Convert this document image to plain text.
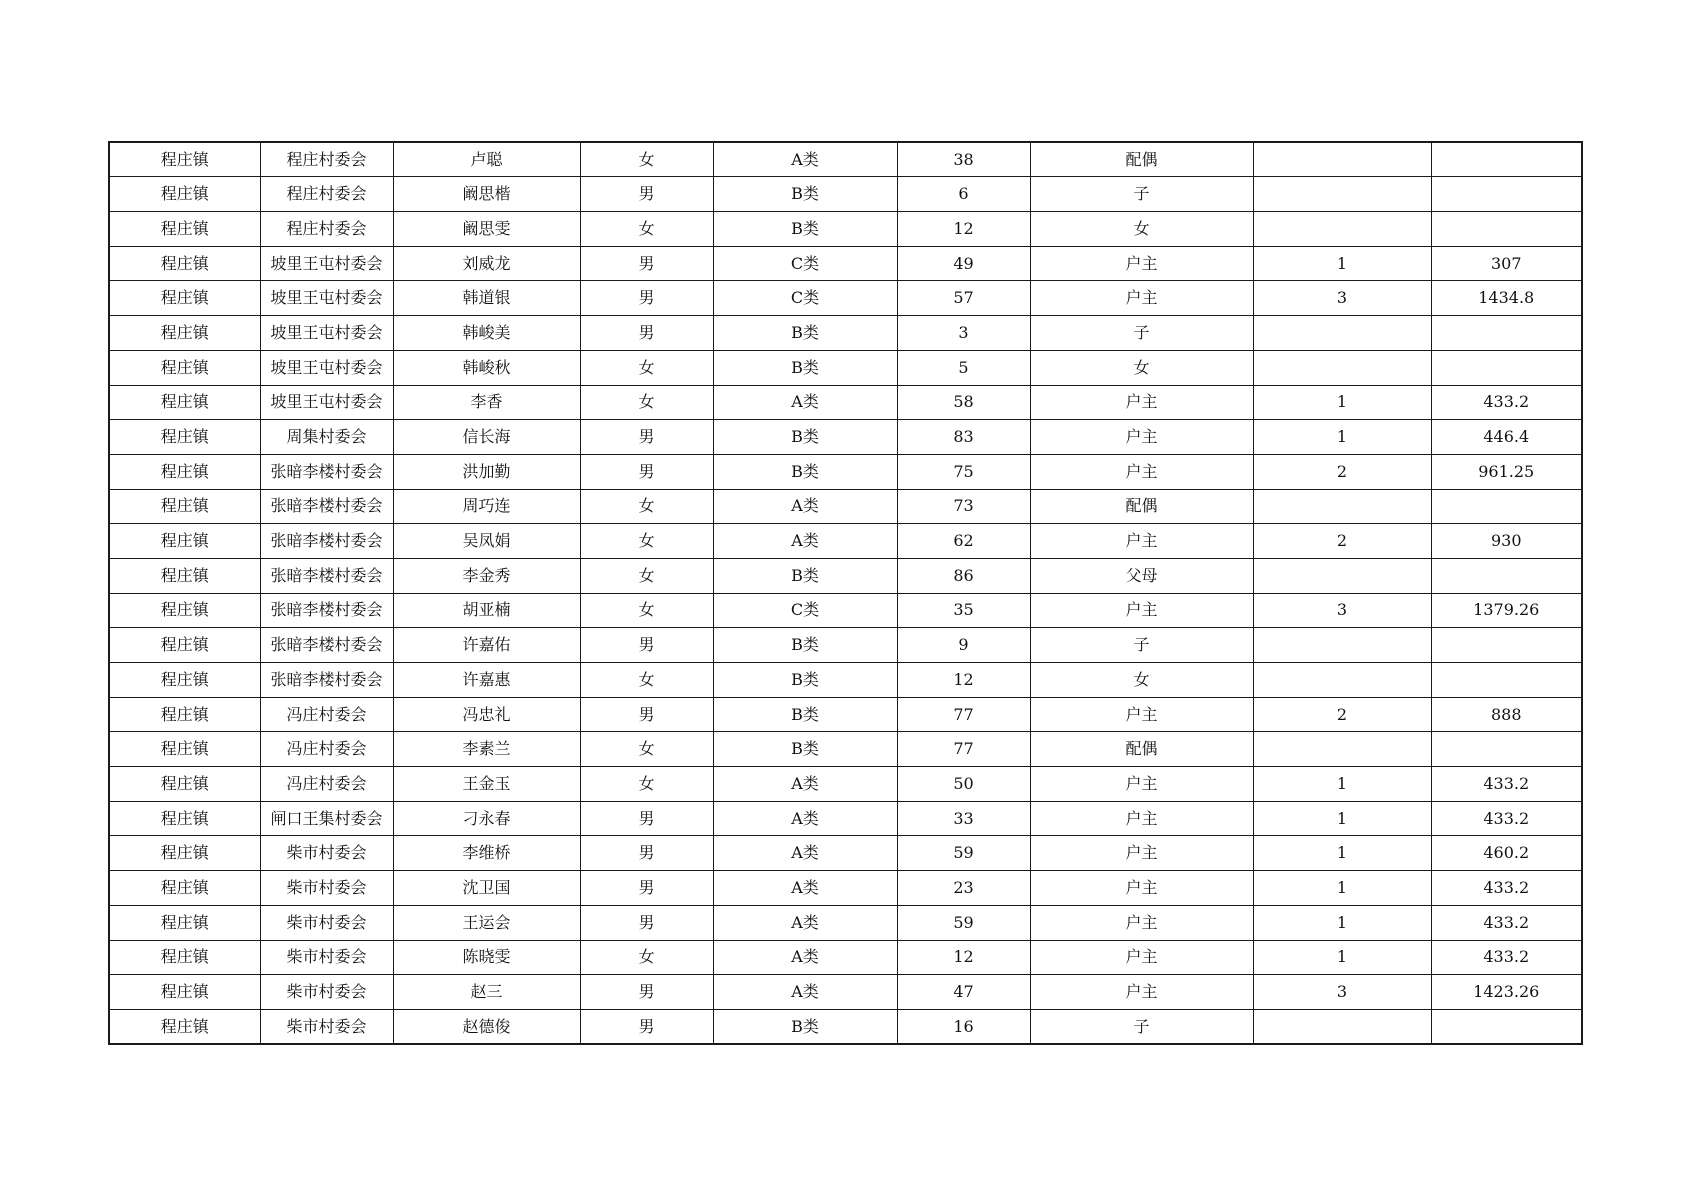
程庄镇	程庄村委会	卢聪	女	A类	38	配偶		
程庄镇	程庄村委会	阚思楷	男	B类	6	子		
程庄镇	程庄村委会	阚思雯	女	B类	12	女		
程庄镇	坡里王屯村委会	刘威龙	男	C类	49	户主	1	307
程庄镇	坡里王屯村委会	韩道银	男	C类	57	户主	3	1434.8
程庄镇	坡里王屯村委会	韩峻美	男	B类	3	子		
程庄镇	坡里王屯村委会	韩峻秋	女	B类	5	女		
程庄镇	坡里王屯村委会	李香	女	A类	58	户主	1	433.2
程庄镇	周集村委会	信长海	男	B类	83	户主	1	446.4
程庄镇	张暗李楼村委会	洪加勤	男	B类	75	户主	2	961.25
程庄镇	张暗李楼村委会	周巧连	女	A类	73	配偶		
程庄镇	张暗李楼村委会	吴凤娟	女	A类	62	户主	2	930
程庄镇	张暗李楼村委会	李金秀	女	B类	86	父母		
程庄镇	张暗李楼村委会	胡亚楠	女	C类	35	户主	3	1379.26
程庄镇	张暗李楼村委会	许嘉佑	男	B类	9	子		
程庄镇	张暗李楼村委会	许嘉惠	女	B类	12	女		
程庄镇	冯庄村委会	冯忠礼	男	B类	77	户主	2	888
程庄镇	冯庄村委会	李素兰	女	B类	77	配偶		
程庄镇	冯庄村委会	王金玉	女	A类	50	户主	1	433.2
程庄镇	闸口王集村委会	刁永春	男	A类	33	户主	1	433.2
程庄镇	柴市村委会	李维桥	男	A类	59	户主	1	460.2
程庄镇	柴市村委会	沈卫国	男	A类	23	户主	1	433.2
程庄镇	柴市村委会	王运会	男	A类	59	户主	1	433.2
程庄镇	柴市村委会	陈晓雯	女	A类	12	户主	1	433.2
程庄镇	柴市村委会	赵三	男	A类	47	户主	3	1423.26
程庄镇	柴市村委会	赵德俊	男	B类	16	子		
